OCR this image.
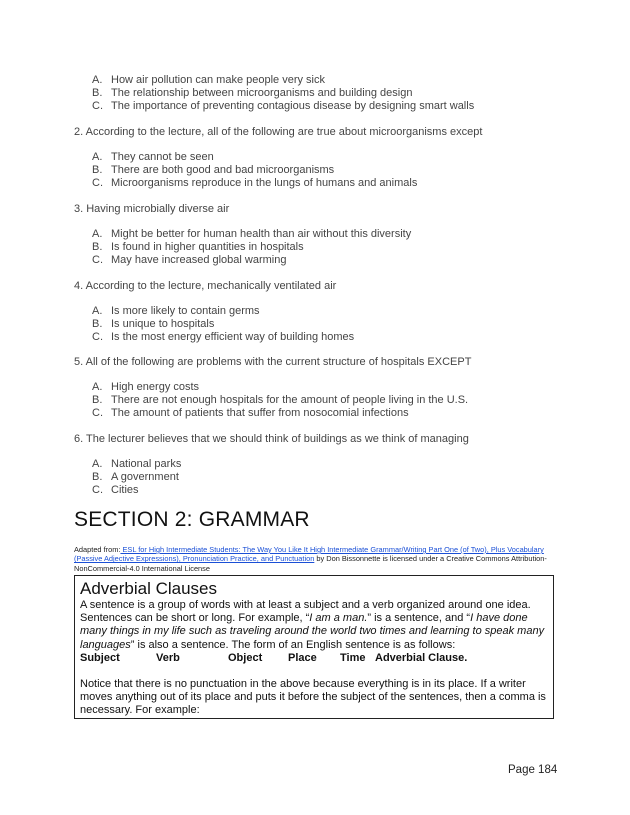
A. How air pollution can make people very sick
B. The relationship between microorganisms and building design
C. The importance of preventing contagious disease by designing smart walls
2. According to the lecture, all of the following are true about microorganisms except
A. They cannot be seen
B. There are both good and bad microorganisms
C. Microorganisms reproduce in the lungs of humans and animals
3. Having microbially diverse air
A. Might be better for human health than air without this diversity
B. Is found in higher quantities in hospitals
C. May have increased global warming
4. According to the lecture, mechanically ventilated air
A. Is more likely to contain germs
B. Is unique to hospitals
C. Is the most energy efficient way of building homes
5. All of the following are problems with the current structure of hospitals EXCEPT
A. High energy costs
B. There are not enough hospitals for the amount of people living in the U.S.
C. The amount of patients that suffer from nosocomial infections
6. The lecturer believes that we should think of buildings as we think of managing
A. National parks
B. A government
C. Cities
SECTION 2: GRAMMAR
Adapted from: ESL for High Intermediate Students: The Way You Like It High Intermediate Grammar/Writing Part One (of Two), Plus Vocabulary (Passive Adjective Expressions), Pronunciation Practice, and Punctuation by Don Bissonnette is licensed under a Creative Commons Attribution-NonCommercial-4.0 International License
Adverbial Clauses
A sentence is a group of words with at least a subject and a verb organized around one idea. Sentences can be short or long. For example, “I am a man.” is a sentence, and “I have done many things in my life such as traveling around the world two times and learning to speak many languages” is also a sentence. The form of an English sentence is as follows:
Subject	Verb	Object	Place	Time Adverbial Clause.
Notice that there is no punctuation in the above because everything is in its place. If a writer moves anything out of its place and puts it before the subject of the sentences, then a comma is necessary. For example:
Page 184
